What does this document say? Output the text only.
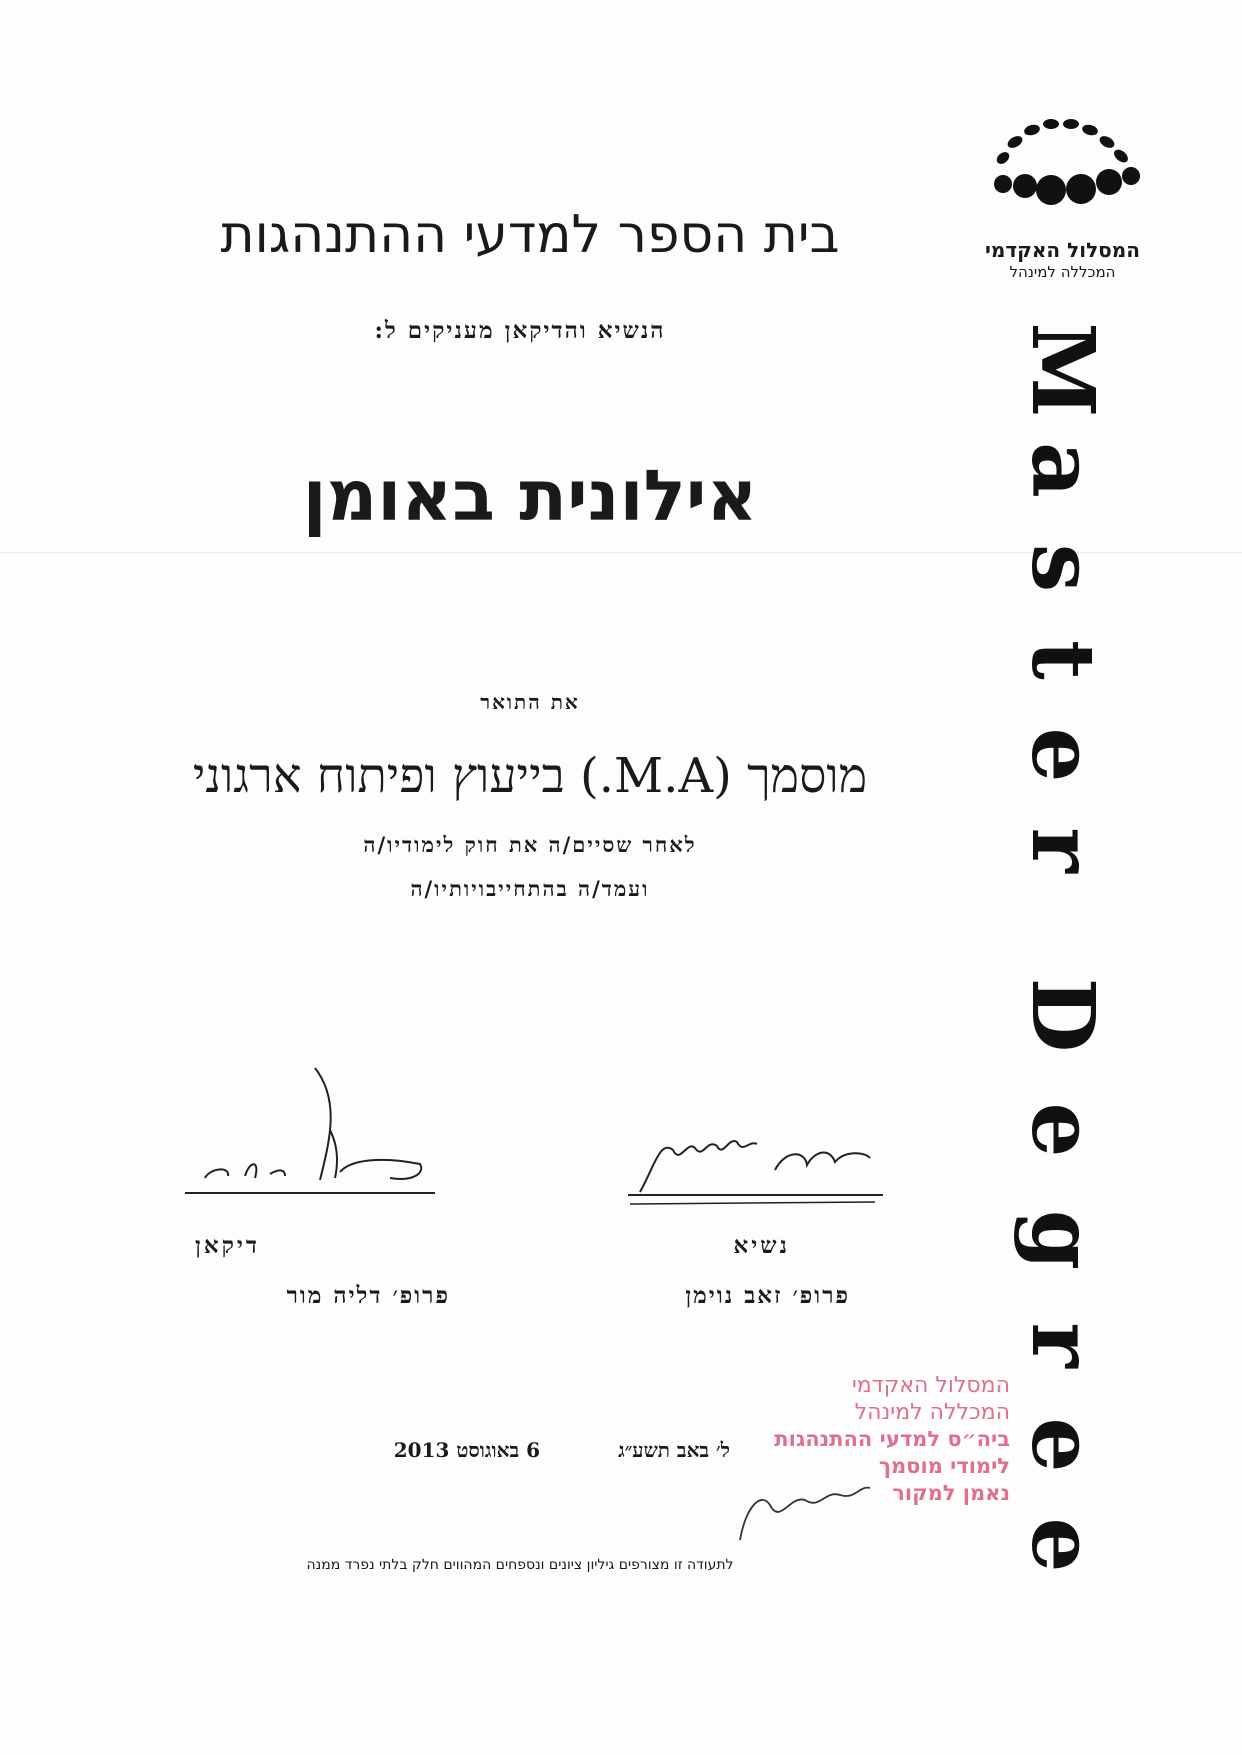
המסלול האקדמי
המכללה למינהל
M
a
s
t
e
r
D
e
g
r
e
e
בית הספר למדעי ההתנהגות
הנשיא והדיקאן מעניקים ל:
אילונית באומן
את התואר
מוסמך (M.A.) בייעוץ ופיתוח ארגוני
לאחר שסיים/ה את חוק לימודיו/ה
ועמד/ה בהתחייבויותיו/ה
דיקאן
פרופ׳ דליה מור
נשיא
פרופ׳ זאב נוימן
ל׳ באב תשע״ג
6 באוגוסט 2013
המסלול האקדמי
המכללה למינהל
ביה״ס למדעי ההתנהגות
לימודי מוסמך
נאמן למקור
לתעודה זו מצורפים גיליון ציונים ונספחים המהווים חלק בלתי נפרד ממנה
